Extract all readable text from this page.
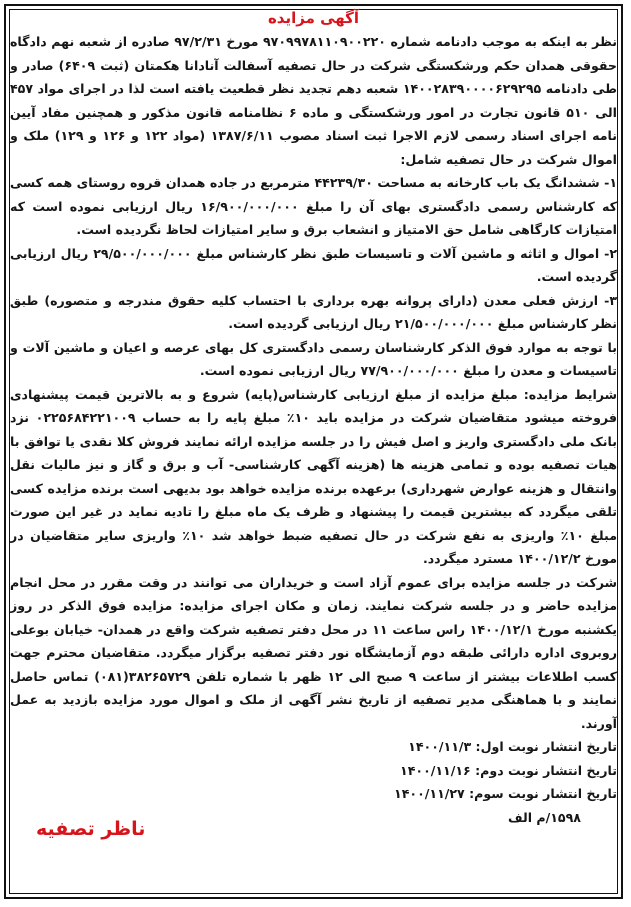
آگهی مزایده

نظر به اینکه به موجب دادنامه شماره ۹۷۰۹۹۷۸۱۱۰۹۰۰۲۲۰ مورخ ۹۷/۲/۳۱ صادره از شعبه نهم دادگاه حقوقی همدان حکم ورشکستگی شرکت در حال تصفیه آسفالت آنادانا هکمتان (ثبت ۶۴۰۹) صادر و طی دادنامه ۱۴۰۰۲۸۳۹۰۰۰۰۶۲۹۲۹۵ شعبه دهم تجدید نظر قطعیت یافته است لذا در اجرای مواد ۴۵۷ الی ۵۱۰ قانون تجارت در امور ورشکستگی و ماده ۶ نظامنامه قانون مذکور و همچنین مفاد آیین نامه اجرای اسناد رسمی لازم الاجرا ثبت اسناد مصوب ۱۳۸۷/۶/۱۱ (مواد ۱۲۲ و ۱۲۶ و ۱۲۹) ملک و اموال شرکت در حال تصفیه شامل:

۱- ششدانگ یک باب کارخانه به مساحت ۴۴۲۳۹/۳۰ مترمربع در جاده همدان قروه روستای همه کسی که کارشناس رسمی دادگستری بهای آن را مبلغ ۱۶/۹۰۰/۰۰۰/۰۰۰ ریال ارزیابی نموده است که امتیازات کارگاهی شامل حق الامتیاز و انشعاب برق و سایر امتیازات لحاظ نگردیده است.

۲- اموال و اثاثه و ماشین آلات و تاسیسات طبق نظر کارشناس مبلغ ۲۹/۵۰۰/۰۰۰/۰۰۰ ریال ارزیابی گردیده است.

۳- ارزش فعلی معدن (دارای پروانه بهره برداری با احتساب کلیه حقوق مندرجه و متصوره) طبق نظر کارشناس مبلغ ۲۱/۵۰۰/۰۰۰/۰۰۰ ریال ارزیابی گردیده است.

با توجه به موارد فوق الذکر کارشناسان رسمی دادگستری کل بهای عرصه و اعیان و ماشین آلات و تاسیسات و معدن را مبلغ ۷۷/۹۰۰/۰۰۰/۰۰۰ ریال ارزیابی نموده است.

شرایط مزایده: مبلغ مزایده از مبلغ ارزیابی کارشناس(پایه) شروع و به بالاترین قیمت پیشنهادی فروخته میشود متقاضیان شرکت در مزایده باید ۱۰٪ مبلغ پایه را به حساب ۰۲۲۵۶۸۴۲۲۱۰۰۹ نزد بانک ملی دادگستری واریز و اصل فیش را در جلسه مزایده ارائه نمایند فروش کلا نقدی یا توافق با هیات تصفیه بوده و تمامی هزینه ها (هزینه آگهی کارشناسی- آب و برق و گاز و نیز مالیات نقل وانتقال و هزینه عوارض شهرداری) برعهده برنده مزایده خواهد بود بدیهی است برنده مزایده کسی تلقی میگردد که بیشترین قیمت را پیشنهاد و ظرف یک ماه مبلغ را تادیه نماید در غیر این صورت مبلغ ۱۰٪ واریزی به نفع شرکت در حال تصفیه ضبط خواهد شد ۱۰٪ واریزی سایر متقاضیان در مورخ ۱۴۰۰/۱۲/۲ مسترد میگردد.

شرکت در جلسه مزایده برای عموم آزاد است و خریداران می توانند در وقت مقرر در محل انجام مزایده حاضر و در جلسه شرکت نمایند. زمان و مکان اجرای مزایده: مزایده فوق الذکر در روز یکشنبه مورخ ۱۴۰۰/۱۲/۱ راس ساعت ۱۱ در محل دفتر تصفیه شرکت واقع در همدان- خیابان بوعلی روبروی اداره دارائی طبقه دوم آزمایشگاه نور دفتر تصفیه برگزار میگردد. متقاضیان محترم جهت کسب اطلاعات بیشتر از ساعت ۹ صبح الی ۱۲ ظهر با شماره تلفن ۳۸۲۶۵۷۲۹(۰۸۱) تماس حاصل نمایند و با هماهنگی مدیر تصفیه از تاریخ نشر آگهی از ملک و اموال مورد مزایده بازدید به عمل آورند.

تاریخ انتشار نوبت اول: ۱۴۰۰/۱۱/۳

تاریخ انتشار نوبت دوم: ۱۴۰۰/۱۱/۱۶

تاریخ انتشار نوبت سوم: ۱۴۰۰/۱۱/۲۷

۱۵۹۸/م الف

ناظر تصفیه
